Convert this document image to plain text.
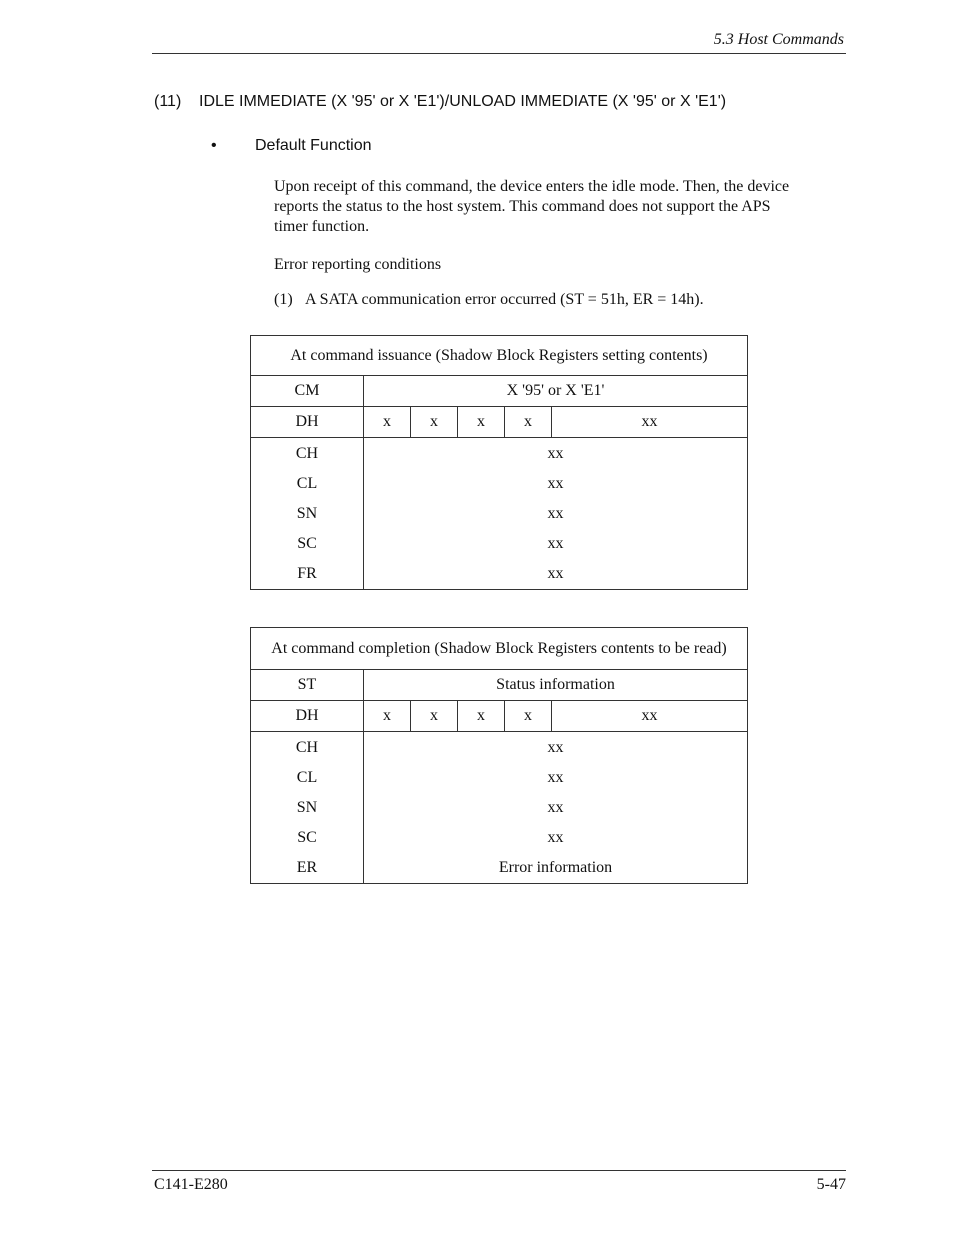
5.3 Host Commands
(11) IDLE IMMEDIATE (X '95' or X 'E1')/UNLOAD IMMEDIATE (X '95' or X 'E1')
• Default Function
Upon receipt of this command, the device enters the idle mode. Then, the device
reports the status to the host system. This command does not support the APS
timer function.
Error reporting conditions
(1) A SATA communication error occurred (ST = 51h, ER = 14h).
At command issuance (Shadow Block Registers setting contents)					
CM	X '95' or X 'E1'				
DH	x	x	x	x	xx
CH	xx				
CL	xx				
SN	xx				
SC	xx				
FR	xx				
At command completion (Shadow Block Registers contents to be read)					
ST	Status information				
DH	x	x	x	x	xx
CH	xx				
CL	xx				
SN	xx				
SC	xx				
ER	Error information				
C141-E280	5-47
